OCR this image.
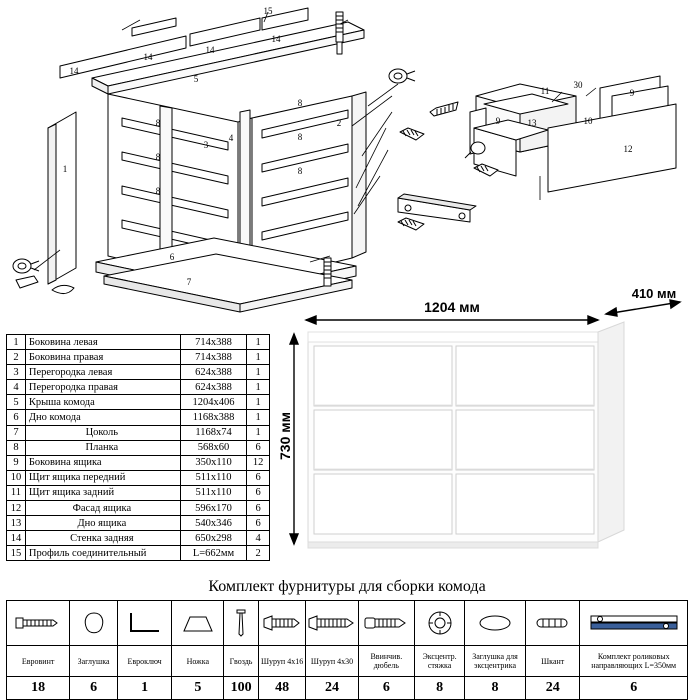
15
14
14
14
14
5
8
8
8
8
8
8
3
2
4
1
6
7
11
30
13	10
9
9
12
1	Боковина левая	714х388	1
2	Боковина правая	714х388	1
3	Перегородка левая	624х388	1
4	Перегородка правая	624х388	1
5	Крыша комода	1204х406	1
6	Дно комода	1168х388	1
7	Цоколь	1168х74	1
8	Планка	568х60	6
9	Боковина ящика	350х110	12
10	Щит ящика передний	511х110	6
11	Щит ящика задний	511х110	6
12	Фасад ящика	596х170	6
13	Дно ящика	540х346	6
14	Стенка задняя	650х298	4
15	Профиль соединительный	L=662мм	2
1204 мм
410 мм
730 мм
Комплект фурнитуры для сборки комода

Евровинт	Заглушка	Евроключ	Ножка	Гвоздь	Шуруп 4х16	Шуруп 4х30	Ввинчив. дюбель	Эксцентр. стяжка	Заглушка для эксцентрика	Шкант	Комплект роликовых направляющих L=350мм
18	6	1	5	100	48	24	6	8	8	24	6
